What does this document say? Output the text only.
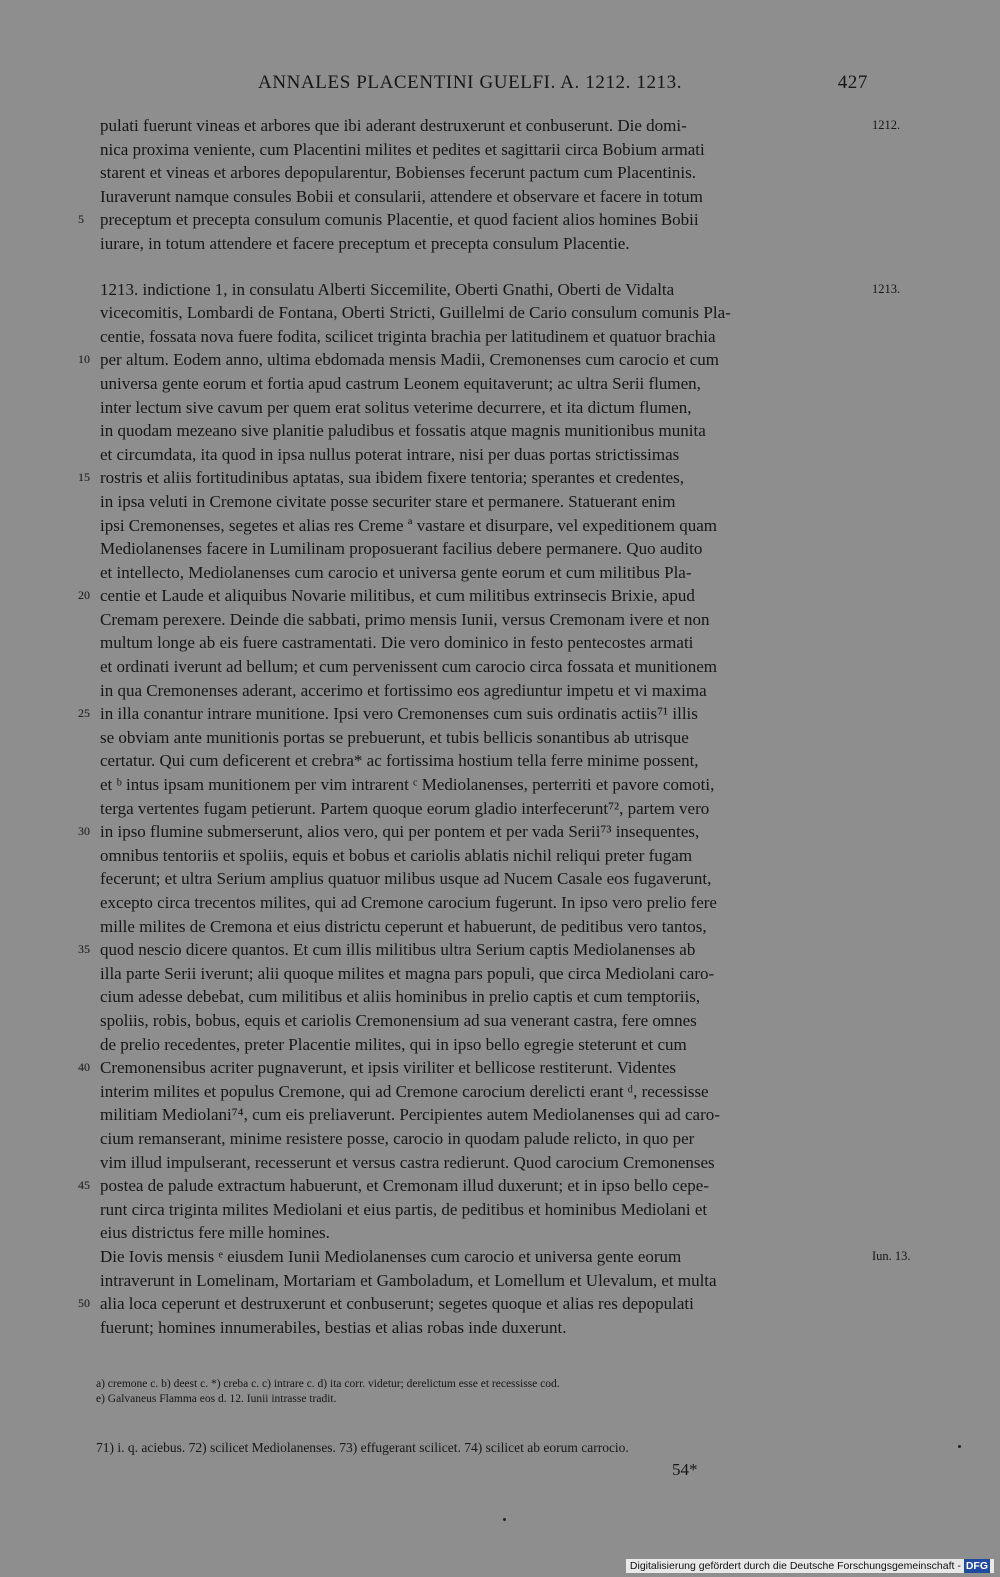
ANNALES PLACENTINI GUELFI. A. 1212. 1213.	427
pulati fuerunt vineas et arbores que ibi aderant destruxerunt et conbuserunt. Die domi-	1212.
nica proxima veniente, cum Placentini milites et pedites et sagittarii circa Bobium armati
starent et vineas et arbores depopularentur, Bobienses fecerunt pactum cum Placentinis.
Iuraverunt namque consules Bobii et consularii, attendere et observare et facere in totum
preceptum et precepta consulum comunis Placentie, et quod facient alios homines Bobii
5
iurare, in totum attendere et facere preceptum et precepta consulum Placentie.
1213. indictione 1, in consulatu Alberti Siccemilite, Oberti Gnathi, Oberti de Vidalta	1213.
vicecomitis, Lombardi de Fontana, Oberti Stricti, Guillelmi de Cario consulum comunis Pla-
centie, fossata nova fuere fodita, scilicet triginta brachia per latitudinem et quatuor brachia
per altum. Eodem anno, ultima ebdomada mensis Madii, Cremonenses cum carocio et cum
10
universa gente eorum et fortia apud castrum Leonem equitaverunt; ac ultra Serii flumen,
inter lectum sive cavum per quem erat solitus veterime decurrere, et ita dictum flumen,
in quodam mezeano sive planitie paludibus et fossatis atque magnis munitionibus munita
et circumdata, ita quod in ipsa nullus poterat intrare, nisi per duas portas strictissimas
rostris et aliis fortitudinibus aptatas, sua ibidem fixere tentoria; sperantes et credentes,
15
in ipsa veluti in Cremone civitate posse securiter stare et permanere. Statuerant enim
ipsi Cremonenses, segetes et alias res Creme ª vastare et disurpare, vel expeditionem quam
Mediolanenses facere in Lumilinam proposuerant facilius debere permanere. Quo audito
et intellecto, Mediolanenses cum carocio et universa gente eorum et cum militibus Pla-
centie et Laude et aliquibus Novarie militibus, et cum militibus extrinsecis Brixie, apud
20
Cremam perexere. Deinde die sabbati, primo mensis Iunii, versus Cremonam ivere et non
multum longe ab eis fuere castramentati. Die vero dominico in festo pentecostes armati
et ordinati iverunt ad bellum; et cum pervenissent cum carocio circa fossata et munitionem
in qua Cremonenses aderant, accerimo et fortissimo eos agrediuntur impetu et vi maxima
in illa conantur intrare munitione. Ipsi vero Cremonenses cum suis ordinatis actiis⁷¹ illis
25
se obviam ante munitionis portas se prebuerunt, et tubis bellicis sonantibus ab utrisque
certatur. Qui cum deficerent et crebra* ac fortissima hostium tella ferre minime possent,
et ᵇ intus ipsam munitionem per vim intrarent ᶜ Mediolanenses, perterriti et pavore comoti,
terga vertentes fugam petierunt. Partem quoque eorum gladio interfecerunt⁷², partem vero
in ipso flumine submerserunt, alios vero, qui per pontem et per vada Serii⁷³ insequentes,
30
omnibus tentoriis et spoliis, equis et bobus et cariolis ablatis nichil reliqui preter fugam
fecerunt; et ultra Serium amplius quatuor milibus usque ad Nucem Casale eos fugaverunt,
excepto circa trecentos milites, qui ad Cremone carocium fugerunt. In ipso vero prelio fere
mille milites de Cremona et eius districtu ceperunt et habuerunt, de peditibus vero tantos,
quod nescio dicere quantos. Et cum illis militibus ultra Serium captis Mediolanenses ab
35
illa parte Serii iverunt; alii quoque milites et magna pars populi, que circa Mediolani caro-
cium adesse debebat, cum militibus et aliis hominibus in prelio captis et cum temptoriis,
spoliis, robis, bobus, equis et cariolis Cremonensium ad sua venerant castra, fere omnes
de prelio recedentes, preter Placentie milites, qui in ipso bello egregie steterunt et cum
Cremonensibus acriter pugnaverunt, et ipsis viriliter et bellicose restiterunt. Videntes
40
interim milites et populus Cremone, qui ad Cremone carocium derelicti erant ᵈ, recessisse
militiam Mediolani⁷⁴, cum eis preliaverunt. Percipientes autem Mediolanenses qui ad caro-
cium remanserant, minime resistere posse, carocio in quodam palude relicto, in quo per
vim illud impulserant, recesserunt et versus castra redierunt. Quod carocium Cremonenses
postea de palude extractum habuerunt, et Cremonam illud duxerunt; et in ipso bello cepe-
45
runt circa triginta milites Mediolani et eius partis, de peditibus et hominibus Mediolani et
eius districtus fere mille homines.
Die Iovis mensis ᵉ eiusdem Iunii Mediolanenses cum carocio et universa gente eorum	Iun. 13.
intraverunt in Lomelinam, Mortariam et Gamboladum, et Lomellum et Ulevalum, et multa
alia loca ceperunt et destruxerunt et conbuserunt; segetes quoque et alias res depopulati
50
fuerunt; homines innumerabiles, bestias et alias robas inde duxerunt.
a) cremone c. b) deest c. *) creba c. c) intrare c. d) ita corr. videtur; derelictum esse et recessisse cod.
e) Galvaneus Flamma eos d. 12. Iunii intrasse tradit.
71) i. q. aciebus. 72) scilicet Mediolanenses. 73) effugerant scilicet. 74) scilicet ab eorum carrocio.
54*
Digitalisierung gefördert durch die Deutsche Forschungsgemeinschaft - DFG
